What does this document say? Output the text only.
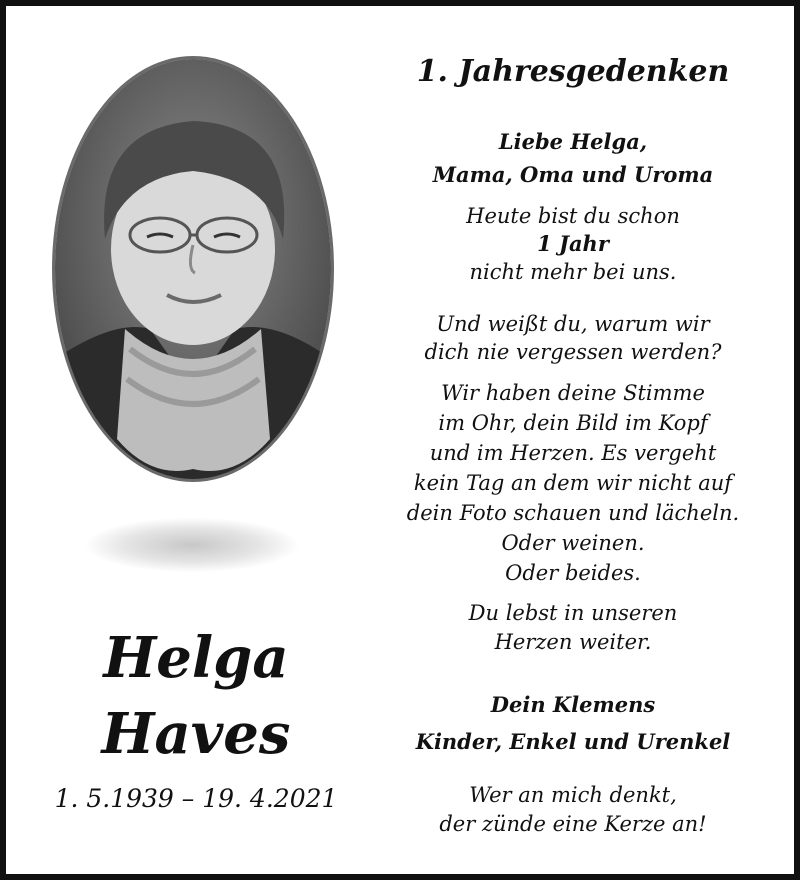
Helga
Haves
1. 5.1939 – 19. 4.2021
1. Jahresgedenken
Liebe Helga,
Mama, Oma und Uroma
Heute bist du schon
1 Jahr
nicht mehr bei uns.
Und weißt du, warum wir
dich nie vergessen werden?
Wir haben deine Stimme
im Ohr, dein Bild im Kopf
und im Herzen. Es vergeht
kein Tag an dem wir nicht auf
dein Foto schauen und lächeln.
Oder weinen.
Oder beides.
Du lebst in unseren
Herzen weiter.
Dein Klemens
Kinder, Enkel und Urenkel
Wer an mich denkt,
der zünde eine Kerze an!
